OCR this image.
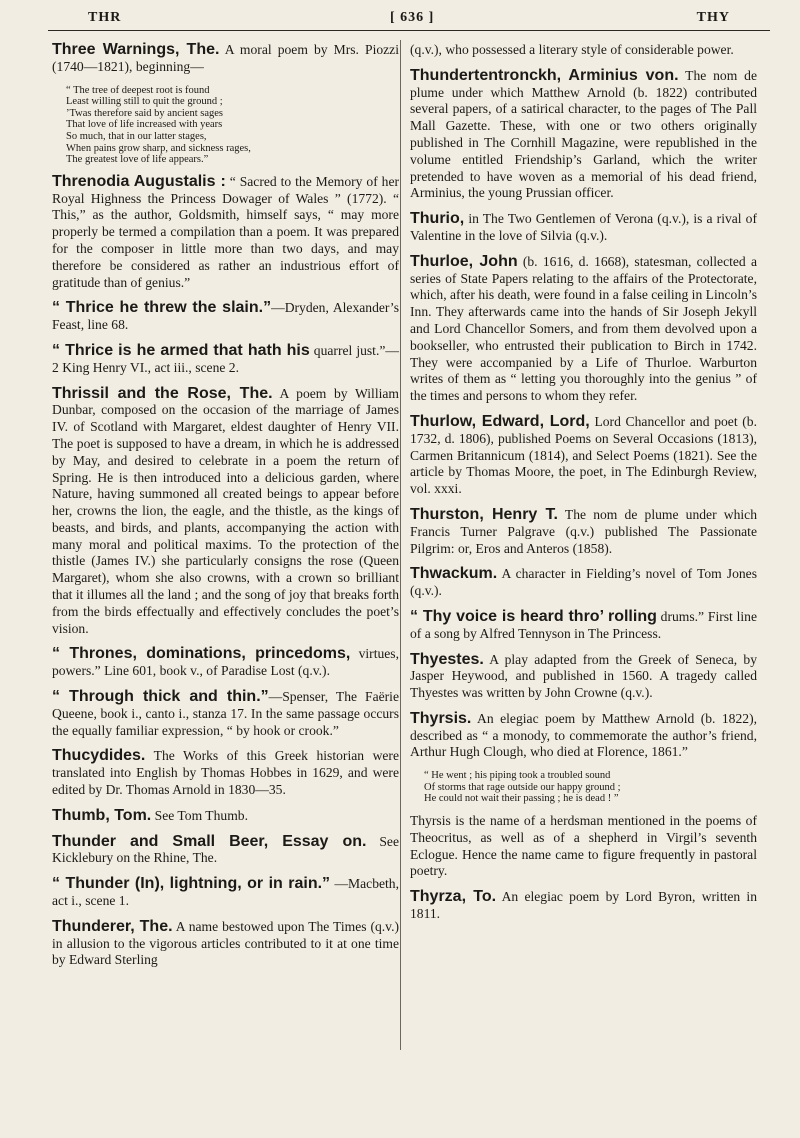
THR	[ 636 ]	THY

Three Warnings, The. A moral poem by Mrs. Piozzi (1740—1821), beginning—

“ The tree of deepest root is found
Least willing still to quit the ground ;
’Twas therefore said by ancient sages
That love of life increased with years
So much, that in our latter stages,
When pains grow sharp, and sickness rages,
The greatest love of life appears.”

Threnodia Augustalis : “ Sacred to the Memory of her Royal Highness the Princess Dowager of Wales ” (1772). “ This,” as the author, Goldsmith, himself says, “ may more properly be termed a compilation than a poem. It was prepared for the composer in little more than two days, and may therefore be considered as rather an industrious effort of gratitude than of genius.”

“ Thrice he threw the slain.”—Dryden, Alexander’s Feast, line 68.

“ Thrice is he armed that hath his quarrel just.”—2 King Henry VI., act iii., scene 2.

Thrissil and the Rose, The. A poem by William Dunbar, composed on the occasion of the marriage of James IV. of Scotland with Margaret, eldest daughter of Henry VII. The poet is supposed to have a dream, in which he is addressed by May, and desired to celebrate in a poem the return of Spring. He is then introduced into a delicious garden, where Nature, having summoned all created beings to appear before her, crowns the lion, the eagle, and the thistle, as the kings of beasts, and birds, and plants, accompanying the action with many moral and political maxims. To the protection of the thistle (James IV.) she particularly consigns the rose (Queen Margaret), whom she also crowns, with a crown so brilliant that it illumes all the land ; and the song of joy that breaks forth from the birds effectually and effectively concludes the poet’s vision.

“ Thrones, dominations, princedoms, virtues, powers.” Line 601, book v., of Paradise Lost (q.v.).

“ Through thick and thin.”—Spenser, The Faërie Queene, book i., canto i., stanza 17. In the same passage occurs the equally familiar expression, “ by hook or crook.”

Thucydides. The Works of this Greek historian were translated into English by Thomas Hobbes in 1629, and were edited by Dr. Thomas Arnold in 1830—35.

Thumb, Tom. See Tom Thumb.

Thunder and Small Beer, Essay on. See Kicklebury on the Rhine, The.

“ Thunder (In), lightning, or in rain.” —Macbeth, act i., scene 1.

Thunderer, The. A name bestowed upon The Times (q.v.) in allusion to the vigorous articles contributed to it at one time by Edward Sterling

(q.v.), who possessed a literary style of considerable power.

Thundertentronckh, Arminius von. The nom de plume under which Matthew Arnold (b. 1822) contributed several papers, of a satirical character, to the pages of The Pall Mall Gazette. These, with one or two others originally published in The Cornhill Magazine, were republished in the volume entitled Friendship’s Garland, which the writer pretended to have woven as a memorial of his dead friend, Arminius, the young Prussian officer.

Thurio, in The Two Gentlemen of Verona (q.v.), is a rival of Valentine in the love of Silvia (q.v.).

Thurloe, John (b. 1616, d. 1668), statesman, collected a series of State Papers relating to the affairs of the Protectorate, which, after his death, were found in a false ceiling in Lincoln’s Inn. They afterwards came into the hands of Sir Joseph Jekyll and Lord Chancellor Somers, and from them devolved upon a bookseller, who entrusted their publication to Birch in 1742. They were accompanied by a Life of Thurloe. Warburton writes of them as “ letting you thoroughly into the genius ” of the times and persons to whom they refer.

Thurlow, Edward, Lord, Lord Chancellor and poet (b. 1732, d. 1806), published Poems on Several Occasions (1813), Carmen Britannicum (1814), and Select Poems (1821). See the article by Thomas Moore, the poet, in The Edinburgh Review, vol. xxxi.

Thurston, Henry T. The nom de plume under which Francis Turner Palgrave (q.v.) published The Passionate Pilgrim: or, Eros and Anteros (1858).

Thwackum. A character in Fielding’s novel of Tom Jones (q.v.).

“ Thy voice is heard thro’ rolling drums.” First line of a song by Alfred Tennyson in The Princess.

Thyestes. A play adapted from the Greek of Seneca, by Jasper Heywood, and published in 1560. A tragedy called Thyestes was written by John Crowne (q.v.).

Thyrsis. An elegiac poem by Matthew Arnold (b. 1822), described as “ a monody, to commemorate the author’s friend, Arthur Hugh Clough, who died at Florence, 1861.”

“ He went ; his piping took a troubled sound
Of storms that rage outside our happy ground ;
He could not wait their passing ; he is dead ! ”

Thyrsis is the name of a herdsman mentioned in the poems of Theocritus, as well as of a shepherd in Virgil’s seventh Eclogue. Hence the name came to figure frequently in pastoral poetry.

Thyrza, To. An elegiac poem by Lord Byron, written in 1811.
